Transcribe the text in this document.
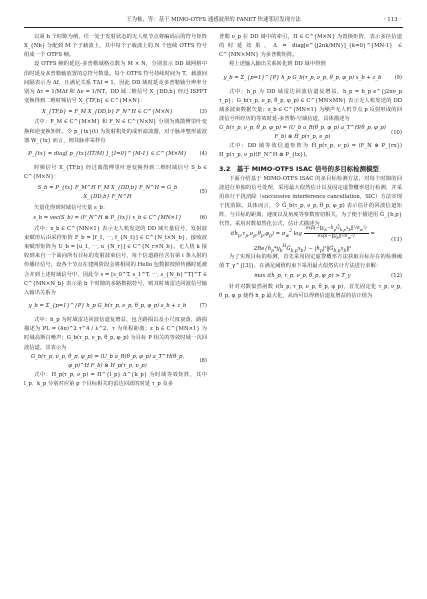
王为栋，等：基于 MIMO-OTFS 通感波形的 FANET 快速邻居发现方法	· 113 ·

以第 b 个时隙为例，任一处于发射状态的无人机节点将编码后的符号矩阵 X_{Nb} 分配到 M 个子载波上，其中每个子载波上的 N 个连续 OTFS 符号组成一个 OTFS 帧。

设 OTFS 帧的延迟-多普勒域格点数为 M × N，分别表示 DD 域网格中沿时延及多普勒轴放置的总符号数量。每个 OTFS 符号持续时间为 T，载波间间隔表示为 Δf，且满足关系 TΔf = 1，因此 DD 域时延及多普勒轴分辨率分别为 Δτ = 1/MΔf 和 Δν = 1/NT。DD 域二维信号 X_{DD,b} 经过 ISFFT 变换得到二维时频信号 X_{TF,b} ∈ C^{M×N}：

X_{TF,b} = F_M X_{DD,b} F_N^H ∈ C^{M×N}	(3)

式中：F_M ∈ C^{M×M} 和 F_N ∈ C^{N×N} 分别为离散傅里叶变换和逆变换矩阵。令 p_{tx}(t) 为发射机处的成形滤波器，对于脉冲整形滤波器 W_{tx} 而言，则其脉冲采样有

P_{tx} = diag[ p_{tx}(IT/M) ]_{I=0}^{M-1} ∈ C^{M×M}	(4)

时频信号 X_{TF,b} 经过离散傅里叶逆变换得到二维时域信号 S_b ∈ C^{M×N}：

S_b = P_{tx} F_M^H F_M X_{DD,b} F_N^H = G_b X_{DD,b} F_N^H
(5)

矢量化得到时域信号矢量 s_b：

s_b = vec(S_b) = (F_N^H ⊗ P_{tx}) x_b ∈ C^{MN×1}	(6)

式中：x_b ∈ C^{MN×1} 表示无人机发送的 DD 域矢量信号，发射波束赋形后由采样矩阵 F_b = [f_1, ⋯, f_{N_t}] ∈ C^{N_t×N_b}，接收波束赋形矩阵为 U_b = [u_1, ⋯, u_{N_r}] ∈ C^{N_r×N_b}。无人机 k 接收到来自一个面向所有目标的发射波束信号，每个信道路径含有第 i 条入射的传播径信号，设各个节点在建网阶段会将相同的 Hello 包数据按照传播时延被合并到上述时域信号中，因此令 s = [s_0^T, s_1^T, ⋯, s_{N_b}^T]^T ∈ C^{MN×N_b} 表示第 b 个时隙的多路数据符号，则其时域雷达回波信号输入输出关系为

y_b = Σ_{p=1}^{P} h_p G_b(τ_p, ν_p, θ_p, φ_p) s_b + z_b	(7)

式中：h_p 为时域雷达回波信道复增益，包含路损以及小尺度衰落，路损描述为 PL = (4π)^2 τ^4 / λ^2，τ 为单程距离；z_b ∈ C^{MN×1} 为时域高斯白噪声；G_b(τ_p, ν_p, θ_p, φ_p) 为目标 P 相关的等效时域一次回波信道，其表示为

G_b(τ_p, ν_p, θ_p, φ_p) = (U_b a_R(θ_p, φ_p) a_T^H(θ_p, φ_p)^H F_b) ⊗ H_p(τ_p, ν_p)
(8)

式中：H_p(τ_p, ν_p) = Π^{l_p} Δ^{k_p} 为时域等效矩阵，其中 l_p、k_p 分别对应第 p 个目标相关的雷达回波的时延 τ_p 及多

普勒 ν_p 在 DD 域中的索引，Π ∈ C^{M×N} 为置换矩阵，表示多径信道的时延效果，Δ = diag[e^{j2πk/MN}]_{k=0}^{MN-1} ∈ C^{MN×MN} 为多普勒矩阵。

将上述输入输出关系转化到 DD 域中得到

y_b = Σ_{p=1}^{P} h_p G_b(τ_p, ν_p, θ_p, φ_p) x_b + z_b	(9)

式中：h_p 为 DD 域雷达回波信道复增益，h_p = h_p e^{j2πν_p τ_p}；G_b(τ_p, ν_p, θ_p, φ_p) ∈ C^{MN×MN} 表示无人机发送的 DD 域多波束数据矢量；z_b ∈ C^{MN×1} 为噪声无人机节点 p 反射形成的回波信号所经历的等效时延-多普勒-空域信道，具体描述为

G_b(τ_p, ν_p, θ_p, φ_p) = (U_b a_R(θ_p, φ_p) a_T^H(θ_p, φ_p) F_b) ⊗ Ĥ_p(τ_p, ν_p)
(10)

式中：DD 域等效信道矩阵为 Ĥ_p(τ_p, ν_p) = (F_N ⊗ P_{rx}) H_p(τ_p, ν_p)(F_N^H ⊗ P_{tx})。

3.2　基于 MIMO-OTFS ISAC 信号的多目标检测模型

下面介绍基于 MIMO-OTFS ISAC 的多目标检测方法，对每个时隙的回波进行单独的信号处理，采用最大似然估计以及固定虚警概率进行检测，并采用串行干扰消除（successive interference cancellation，SIC）方法实现干扰消除。具体而言，令 Ĝ_b(τ_p, ν_p, θ_p, φ_p) 表示估计的回波信道矩阵，与目标的距离、速度以及角度等参数密切相关，为了便于描述用 Ĝ_{b,p} 代替。采用对数似然化公式，估计式描述为

$\ell(ĥ_p,\tau_p,\nu_p,\theta_p,\varphi_p) = \sigma_w^2$ $\log \frac{\exp(-‖y_b-ĥ_pĜ_{b,p}x_b‖^2/\sigma_w^2)}{\exp(-‖y_b‖^2/\sigma_w^2)}$ = $2Re\{ĥ_p*y_b^HĜ_{b,p}x_b\}$ − $|ĥ_p|^2‖Ĝ_{b,p}x_b‖^2$
(11)

为了实现目标的检测，首先采用固定虚警概率方法获取目标存在的检测阈值 T_γ^{[3]}，在满足阈值约束下采用最大似然估计方法进行求解：

max ℓ(ĥ_p, τ_p, ν_p, θ_p, φ_p) > T_γ	(12)

针对对数似然函数 ℓ(ĥ_p, τ_p, ν_p, θ_p, φ_p)，首先固定化 τ_p, ν_p, θ_p, φ_p 使得 h_p 最大化，从而可以得到信道复增益的估计值为
